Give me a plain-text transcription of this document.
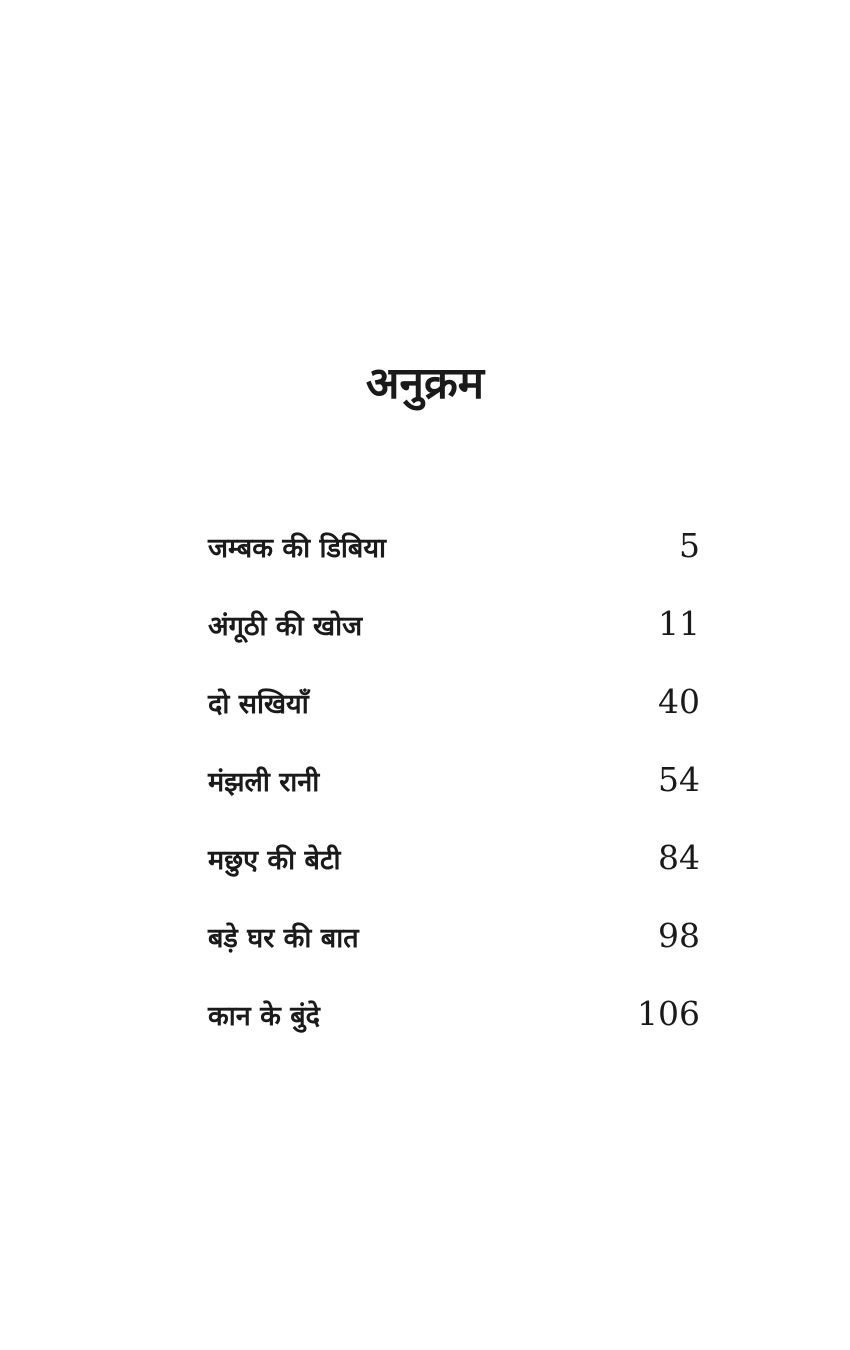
अनुक्रम
जम्बक की डिबिया	5
अंगूठी की खोज	11
दो सखियाँ	40
मंझली रानी	54
मछुए की बेटी	84
बड़े घर की बात	98
कान के बुंदे	106
